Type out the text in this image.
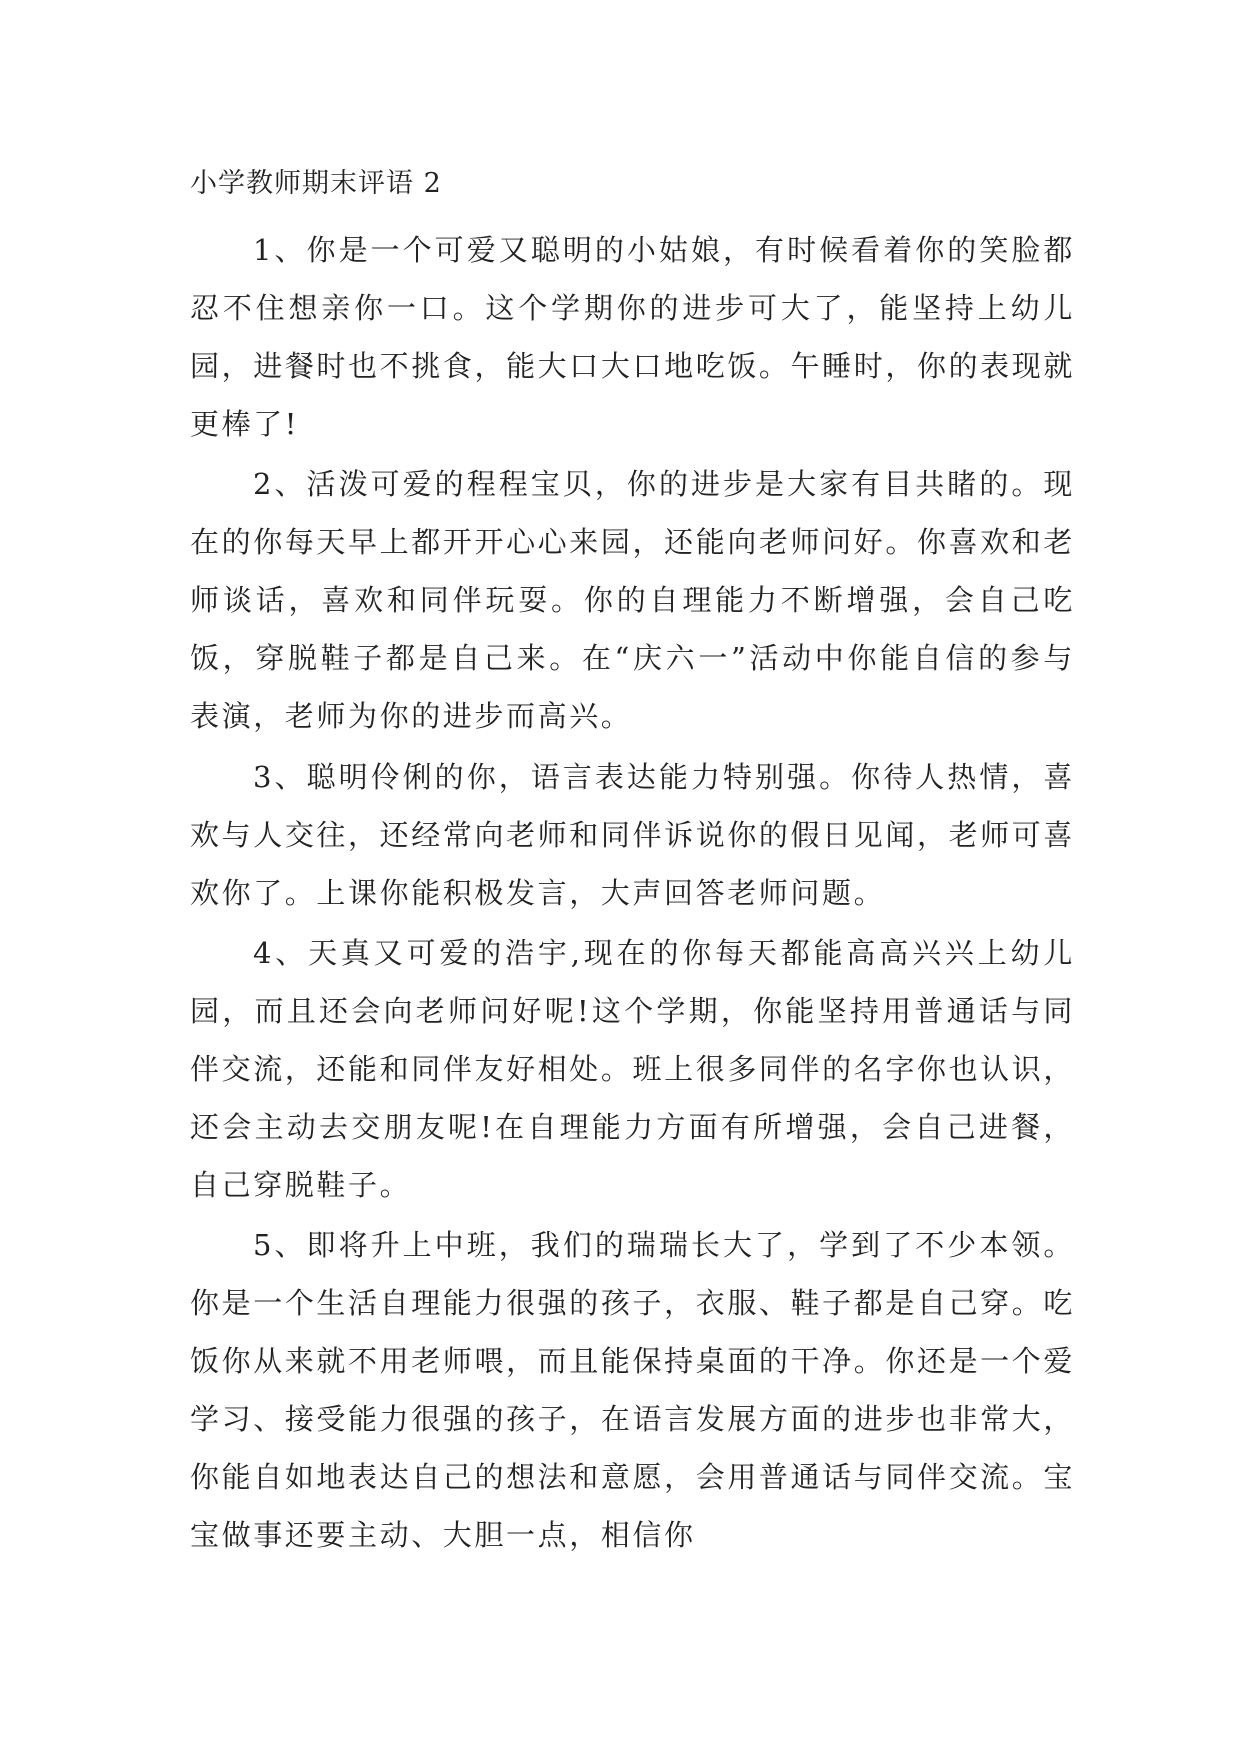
小学教师期末评语 2

1、你是一个可爱又聪明的小姑娘，有时候看着你的笑脸都忍不住想亲你一口。这个学期你的进步可大了，能坚持上幼儿园，进餐时也不挑食，能大口大口地吃饭。午睡时，你的表现就更棒了!

2、活泼可爱的程程宝贝，你的进步是大家有目共睹的。现在的你每天早上都开开心心来园，还能向老师问好。你喜欢和老师谈话，喜欢和同伴玩耍。你的自理能力不断增强，会自己吃饭，穿脱鞋子都是自己来。在“庆六一”活动中你能自信的参与表演，老师为你的进步而高兴。

3、聪明伶俐的你，语言表达能力特别强。你待人热情，喜欢与人交往，还经常向老师和同伴诉说你的假日见闻，老师可喜欢你了。上课你能积极发言，大声回答老师问题。

4、天真又可爱的浩宇,现在的你每天都能高高兴兴上幼儿园，而且还会向老师问好呢!这个学期，你能坚持用普通话与同伴交流，还能和同伴友好相处。班上很多同伴的名字你也认识，还会主动去交朋友呢!在自理能力方面有所增强，会自己进餐，自己穿脱鞋子。

5、即将升上中班，我们的瑞瑞长大了，学到了不少本领。你是一个生活自理能力很强的孩子，衣服、鞋子都是自己穿。吃饭你从来就不用老师喂，而且能保持桌面的干净。你还是一个爱学习、接受能力很强的孩子，在语言发展方面的进步也非常大，你能自如地表达自己的想法和意愿，会用普通话与同伴交流。宝宝做事还要主动、大胆一点，相信你
